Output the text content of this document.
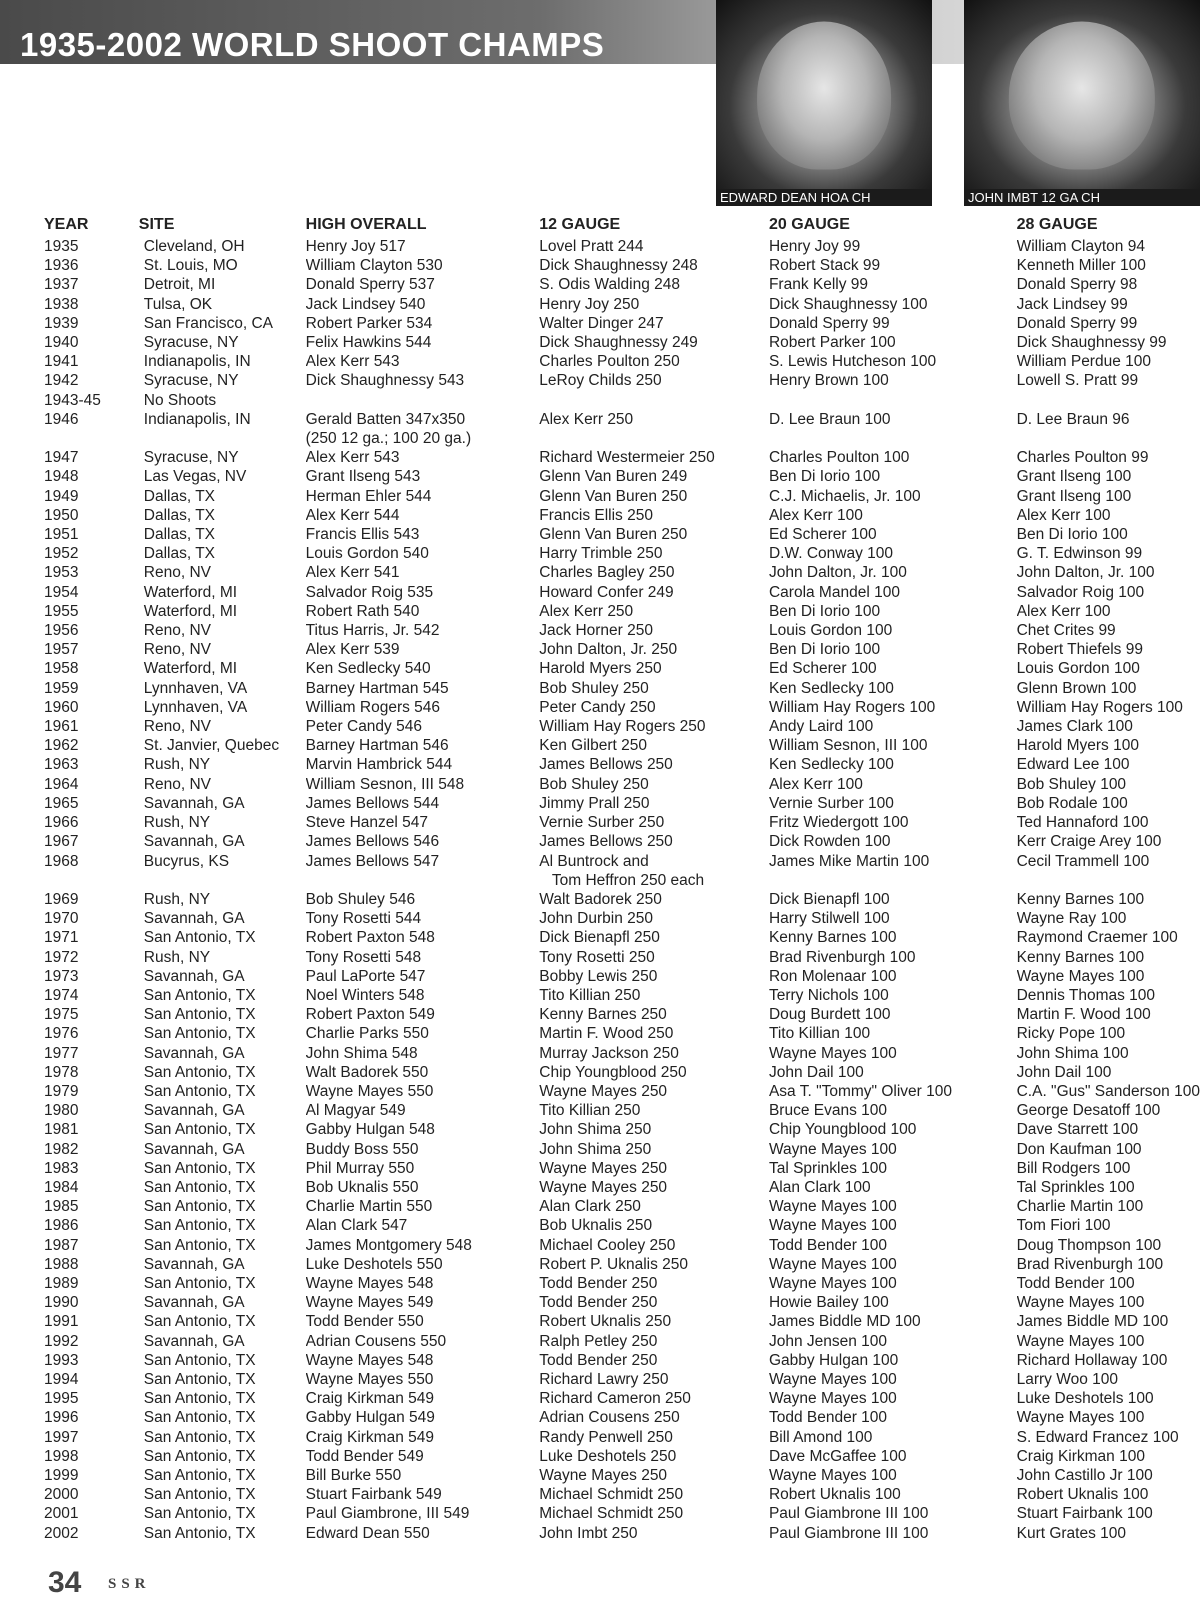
1935-2002 WORLD SHOOT CHAMPS
EDWARD DEAN HOA CH	JOHN IMBT 12 GA CH
YEAR	SITE	HIGH OVERALL	12 GAUGE	20 GAUGE	28 GAUGE
1935	Cleveland, OH	Henry Joy 517	Lovel Pratt 244	Henry Joy 99	William Clayton 94
1936	St. Louis, MO	William Clayton 530	Dick Shaughnessy 248	Robert Stack 99	Kenneth Miller 100
1937	Detroit, MI	Donald Sperry 537	S. Odis Walding 248	Frank Kelly 99	Donald Sperry 98
1938	Tulsa, OK	Jack Lindsey 540	Henry Joy 250	Dick Shaughnessy 100	Jack Lindsey 99
1939	San Francisco, CA	Robert Parker 534	Walter Dinger 247	Donald Sperry 99	Donald Sperry 99
1940	Syracuse, NY	Felix Hawkins 544	Dick Shaughnessy 249	Robert Parker 100	Dick Shaughnessy 99
1941	Indianapolis, IN	Alex Kerr 543	Charles Poulton 250	S. Lewis Hutcheson 100	William Perdue 100
1942	Syracuse, NY	Dick Shaughnessy 543	LeRoy Childs 250	Henry Brown 100	Lowell S. Pratt 99
1943-45	No Shoots				
1946	Indianapolis, IN	Gerald Batten 347x350	Alex Kerr 250	D. Lee Braun 100	D. Lee Braun 96
		(250 12 ga.; 100 20 ga.)			
1947	Syracuse, NY	Alex Kerr 543	Richard Westermeier 250	Charles Poulton 100	Charles Poulton 99
1948	Las Vegas, NV	Grant Ilseng 543	Glenn Van Buren 249	Ben Di Iorio 100	Grant Ilseng 100
1949	Dallas, TX	Herman Ehler 544	Glenn Van Buren 250	C.J. Michaelis, Jr. 100	Grant Ilseng 100
1950	Dallas, TX	Alex Kerr 544	Francis Ellis 250	Alex Kerr 100	Alex Kerr 100
1951	Dallas, TX	Francis Ellis 543	Glenn Van Buren 250	Ed Scherer 100	Ben Di Iorio 100
1952	Dallas, TX	Louis Gordon 540	Harry Trimble 250	D.W. Conway 100	G. T. Edwinson 99
1953	Reno, NV	Alex Kerr 541	Charles Bagley 250	John Dalton, Jr. 100	John Dalton, Jr. 100
1954	Waterford, MI	Salvador Roig 535	Howard Confer 249	Carola Mandel 100	Salvador Roig 100
1955	Waterford, MI	Robert Rath 540	Alex Kerr 250	Ben Di Iorio 100	Alex Kerr 100
1956	Reno, NV	Titus Harris, Jr. 542	Jack Horner 250	Louis Gordon 100	Chet Crites 99
1957	Reno, NV	Alex Kerr 539	John Dalton, Jr. 250	Ben Di Iorio 100	Robert Thiefels 99
1958	Waterford, MI	Ken Sedlecky 540	Harold Myers 250	Ed Scherer 100	Louis Gordon 100
1959	Lynnhaven, VA	Barney Hartman 545	Bob Shuley 250	Ken Sedlecky 100	Glenn Brown 100
1960	Lynnhaven, VA	William Rogers 546	Peter Candy 250	William Hay Rogers 100	William Hay Rogers 100
1961	Reno, NV	Peter Candy 546	William Hay Rogers 250	Andy Laird 100	James Clark 100
1962	St. Janvier, Quebec	Barney Hartman 546	Ken Gilbert 250	William Sesnon, III 100	Harold Myers 100
1963	Rush, NY	Marvin Hambrick 544	James Bellows 250	Ken Sedlecky 100	Edward Lee 100
1964	Reno, NV	William Sesnon, III 548	Bob Shuley 250	Alex Kerr 100	Bob Shuley 100
1965	Savannah, GA	James Bellows 544	Jimmy Prall 250	Vernie Surber 100	Bob Rodale 100
1966	Rush, NY	Steve Hanzel 547	Vernie Surber 250	Fritz Wiedergott 100	Ted Hannaford 100
1967	Savannah, GA	James Bellows 546	James Bellows 250	Dick Rowden 100	Kerr Craige Arey 100
1968	Bucyrus, KS	James Bellows 547	Al Buntrock and	James Mike Martin 100	Cecil Trammell 100
			Tom Heffron 250 each		
1969	Rush, NY	Bob Shuley 546	Walt Badorek 250	Dick Bienapfl 100	Kenny Barnes 100
1970	Savannah, GA	Tony Rosetti 544	John Durbin 250	Harry Stilwell 100	Wayne Ray 100
1971	San Antonio, TX	Robert Paxton 548	Dick Bienapfl 250	Kenny Barnes 100	Raymond Craemer 100
1972	Rush, NY	Tony Rosetti 548	Tony Rosetti 250	Brad Rivenburgh 100	Kenny Barnes 100
1973	Savannah, GA	Paul LaPorte 547	Bobby Lewis 250	Ron Molenaar 100	Wayne Mayes 100
1974	San Antonio, TX	Noel Winters 548	Tito Killian 250	Terry Nichols 100	Dennis Thomas 100
1975	San Antonio, TX	Robert Paxton 549	Kenny Barnes 250	Doug Burdett 100	Martin F. Wood 100
1976	San Antonio, TX	Charlie Parks 550	Martin F. Wood 250	Tito Killian 100	Ricky Pope 100
1977	Savannah, GA	John Shima 548	Murray Jackson 250	Wayne Mayes 100	John Shima 100
1978	San Antonio, TX	Walt Badorek 550	Chip Youngblood 250	John Dail 100	John Dail 100
1979	San Antonio, TX	Wayne Mayes 550	Wayne Mayes 250	Asa T. "Tommy" Oliver 100	C.A. "Gus" Sanderson 100
1980	Savannah, GA	Al Magyar 549	Tito Killian 250	Bruce Evans 100	George Desatoff 100
1981	San Antonio, TX	Gabby Hulgan 548	John Shima 250	Chip Youngblood 100	Dave Starrett 100
1982	Savannah, GA	Buddy Boss 550	John Shima 250	Wayne Mayes 100	Don Kaufman 100
1983	San Antonio, TX	Phil Murray 550	Wayne Mayes 250	Tal Sprinkles 100	Bill Rodgers 100
1984	San Antonio, TX	Bob Uknalis 550	Wayne Mayes 250	Alan Clark 100	Tal Sprinkles 100
1985	San Antonio, TX	Charlie Martin 550	Alan Clark 250	Wayne Mayes 100	Charlie Martin 100
1986	San Antonio, TX	Alan Clark 547	Bob Uknalis 250	Wayne Mayes 100	Tom Fiori 100
1987	San Antonio, TX	James Montgomery 548	Michael Cooley 250	Todd Bender 100	Doug Thompson 100
1988	Savannah, GA	Luke Deshotels 550	Robert P. Uknalis 250	Wayne Mayes 100	Brad Rivenburgh 100
1989	San Antonio, TX	Wayne Mayes 548	Todd Bender 250	Wayne Mayes 100	Todd Bender 100
1990	Savannah, GA	Wayne Mayes 549	Todd Bender 250	Howie Bailey 100	Wayne Mayes 100
1991	San Antonio, TX	Todd Bender 550	Robert Uknalis 250	James Biddle MD 100	James Biddle MD 100
1992	Savannah, GA	Adrian Cousens 550	Ralph Petley 250	John Jensen 100	Wayne Mayes 100
1993	San Antonio, TX	Wayne Mayes 548	Todd Bender 250	Gabby Hulgan 100	Richard Hollaway 100
1994	San Antonio, TX	Wayne Mayes 550	Richard Lawry 250	Wayne Mayes 100	Larry Woo 100
1995	San Antonio, TX	Craig Kirkman 549	Richard Cameron 250	Wayne Mayes 100	Luke Deshotels 100
1996	San Antonio, TX	Gabby Hulgan 549	Adrian Cousens 250	Todd Bender 100	Wayne Mayes 100
1997	San Antonio, TX	Craig Kirkman 549	Randy Penwell 250	Bill Amond 100	S. Edward Francez 100
1998	San Antonio, TX	Todd Bender 549	Luke Deshotels 250	Dave McGaffee 100	Craig Kirkman 100
1999	San Antonio, TX	Bill Burke 550	Wayne Mayes 250	Wayne Mayes 100	John Castillo Jr 100
2000	San Antonio, TX	Stuart Fairbank 549	Michael Schmidt 250	Robert Uknalis 100	Robert Uknalis 100
2001	San Antonio, TX	Paul Giambrone, III 549	Michael Schmidt 250	Paul Giambrone III 100	Stuart Fairbank 100
2002	San Antonio, TX	Edward Dean 550	John Imbt 250	Paul Giambrone III 100	Kurt Grates 100
34 SSR
